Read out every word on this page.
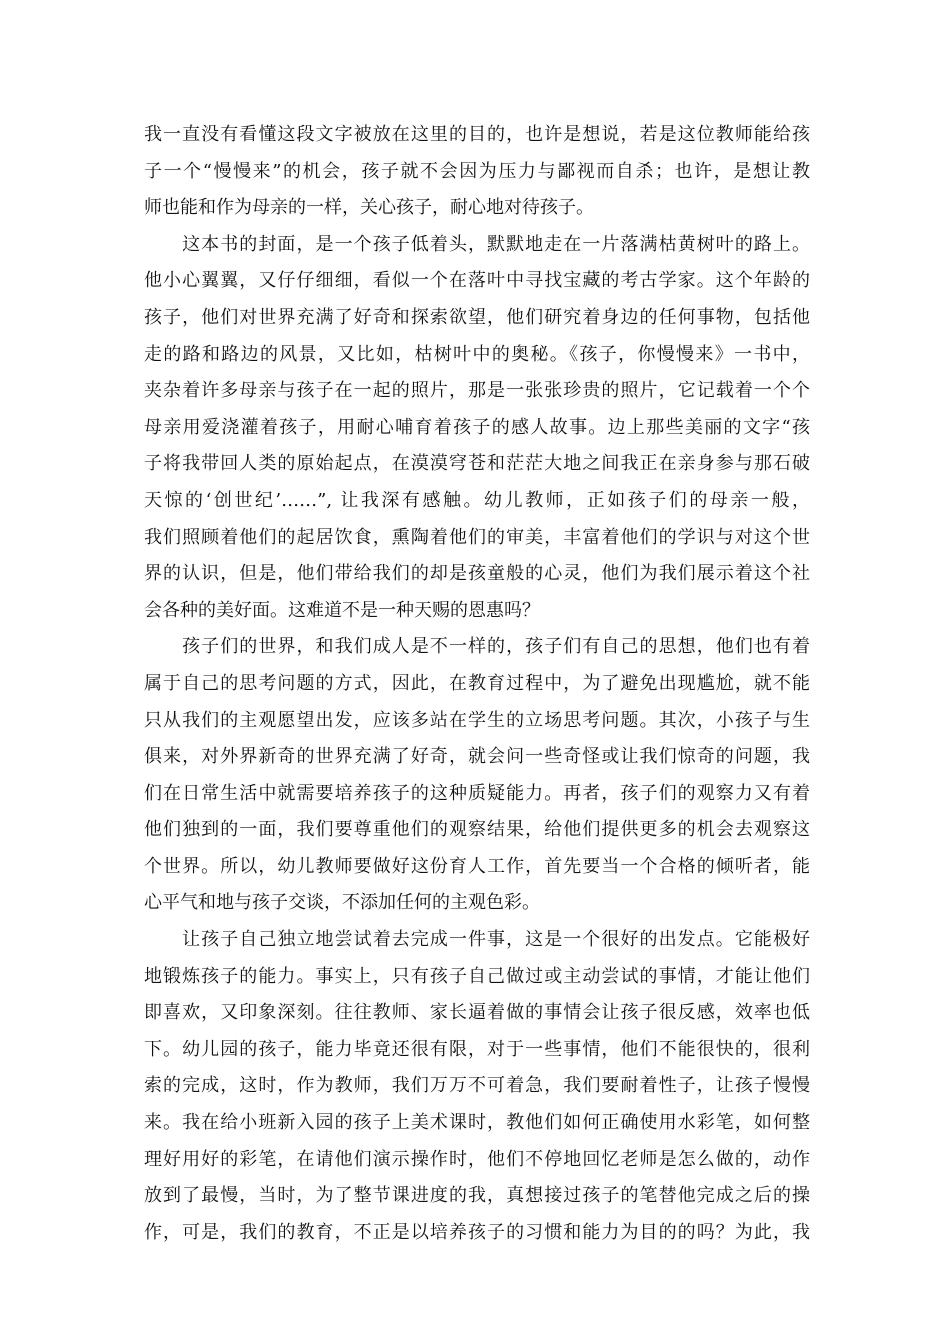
我一直没有看懂这段文字被放在这里的目的，也许是想说，若是这位教师能给孩
子一个“慢慢来”的机会，孩子就不会因为压力与鄙视而自杀；也许，是想让教
师也能和作为母亲的一样，关心孩子，耐心地对待孩子。
　　这本书的封面，是一个孩子低着头，默默地走在一片落满枯黄树叶的路上。
他小心翼翼，又仔仔细细，看似一个在落叶中寻找宝藏的考古学家。这个年龄的
孩子，他们对世界充满了好奇和探索欲望，他们研究着身边的任何事物，包括他
走的路和路边的风景，又比如，枯树叶中的奥秘。《孩子，你慢慢来》一书中，
夹杂着许多母亲与孩子在一起的照片，那是一张张珍贵的照片，它记载着一个个
母亲用爱浇灌着孩子，用耐心哺育着孩子的感人故事。边上那些美丽的文字“孩
子将我带回人类的原始起点，在漠漠穹苍和茫茫大地之间我正在亲身参与那石破
天惊的‘创世纪’……”, 让我深有感触。幼儿教师，正如孩子们的母亲一般，
我们照顾着他们的起居饮食，熏陶着他们的审美，丰富着他们的学识与对这个世
界的认识，但是，他们带给我们的却是孩童般的心灵，他们为我们展示着这个社
会各种的美好面。这难道不是一种天赐的恩惠吗？
　　孩子们的世界，和我们成人是不一样的，孩子们有自己的思想，他们也有着
属于自己的思考问题的方式，因此，在教育过程中，为了避免出现尴尬，就不能
只从我们的主观愿望出发，应该多站在学生的立场思考问题。其次，小孩子与生
俱来，对外界新奇的世界充满了好奇，就会问一些奇怪或让我们惊奇的问题，我
们在日常生活中就需要培养孩子的这种质疑能力。再者，孩子们的观察力又有着
他们独到的一面，我们要尊重他们的观察结果，给他们提供更多的机会去观察这
个世界。所以，幼儿教师要做好这份育人工作，首先要当一个合格的倾听者，能
心平气和地与孩子交谈，不添加任何的主观色彩。
　　让孩子自己独立地尝试着去完成一件事，这是一个很好的出发点。它能极好
地锻炼孩子的能力。事实上，只有孩子自己做过或主动尝试的事情，才能让他们
即喜欢，又印象深刻。往往教师、家长逼着做的事情会让孩子很反感，效率也低
下。幼儿园的孩子，能力毕竟还很有限，对于一些事情，他们不能很快的，很利
索的完成，这时，作为教师，我们万万不可着急，我们要耐着性子，让孩子慢慢
来。我在给小班新入园的孩子上美术课时，教他们如何正确使用水彩笔，如何整
理好用好的彩笔，在请他们演示操作时，他们不停地回忆老师是怎么做的，动作
放到了最慢，当时，为了整节课进度的我，真想接过孩子的笔替他完成之后的操
作，可是，我们的教育，不正是以培养孩子的习惯和能力为目的的吗？为此，我
